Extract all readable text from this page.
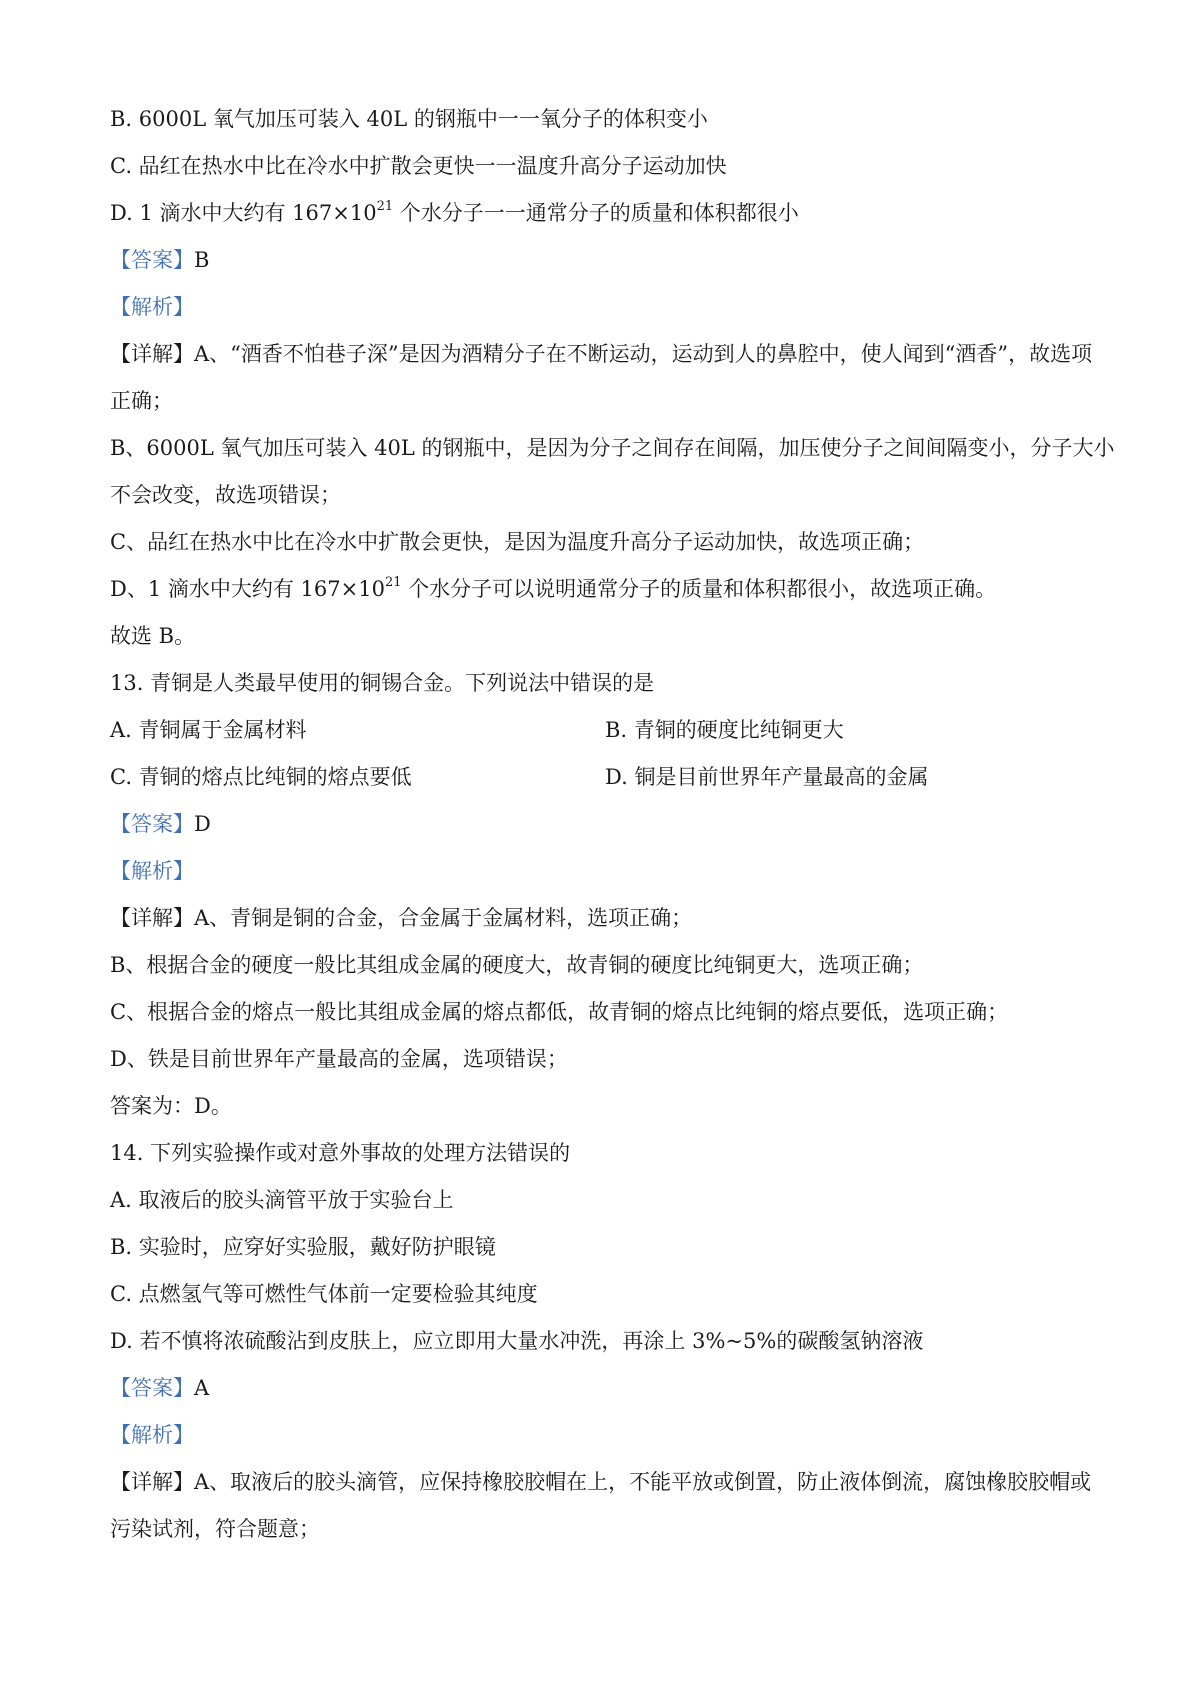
B. 6000L 氧气加压可装入 40L 的钢瓶中一一氧分子的体积变小
C. 品红在热水中比在冷水中扩散会更快一一温度升高分子运动加快
D. 1 滴水中大约有 $167\times 10^{21}$ 个水分子一一通常分子的质量和体积都很小
【答案】B
【解析】
【详解】A、“酒香不怕巷子深”是因为酒精分子在不断运动，运动到人的鼻腔中，使人闻到“酒香”，故选项
正确；
B、6000L 氧气加压可装入 40L 的钢瓶中，是因为分子之间存在间隔，加压使分子之间间隔变小，分子大小
不会改变，故选项错误；
C、品红在热水中比在冷水中扩散会更快，是因为温度升高分子运动加快，故选项正确；
D、1 滴水中大约有 $167\times 10^{21}$ 个水分子可以说明通常分子的质量和体积都很小，故选项正确。
故选 B。
13. 青铜是人类最早使用的铜锡合金。下列说法中错误的是
A. 青铜属于金属材料	B. 青铜的硬度比纯铜更大
C. 青铜的熔点比纯铜的熔点要低	D. 铜是目前世界年产量最高的金属
【答案】D
【解析】
【详解】A、青铜是铜的合金，合金属于金属材料，选项正确；
B、根据合金的硬度一般比其组成金属的硬度大，故青铜的硬度比纯铜更大，选项正确；
C、根据合金的熔点一般比其组成金属的熔点都低，故青铜的熔点比纯铜的熔点要低，选项正确；
D、铁是目前世界年产量最高的金属，选项错误；
答案为：D。
14. 下列实验操作或对意外事故的处理方法错误的
A. 取液后的胶头滴管平放于实验台上
B. 实验时，应穿好实验服，戴好防护眼镜
C. 点燃氢气等可燃性气体前一定要检验其纯度
D. 若不慎将浓硫酸沾到皮肤上，应立即用大量水冲洗，再涂上 3%~5%的碳酸氢钠溶液
【答案】A
【解析】
【详解】A、取液后的胶头滴管，应保持橡胶胶帽在上，不能平放或倒置，防止液体倒流，腐蚀橡胶胶帽或
污染试剂，符合题意；
